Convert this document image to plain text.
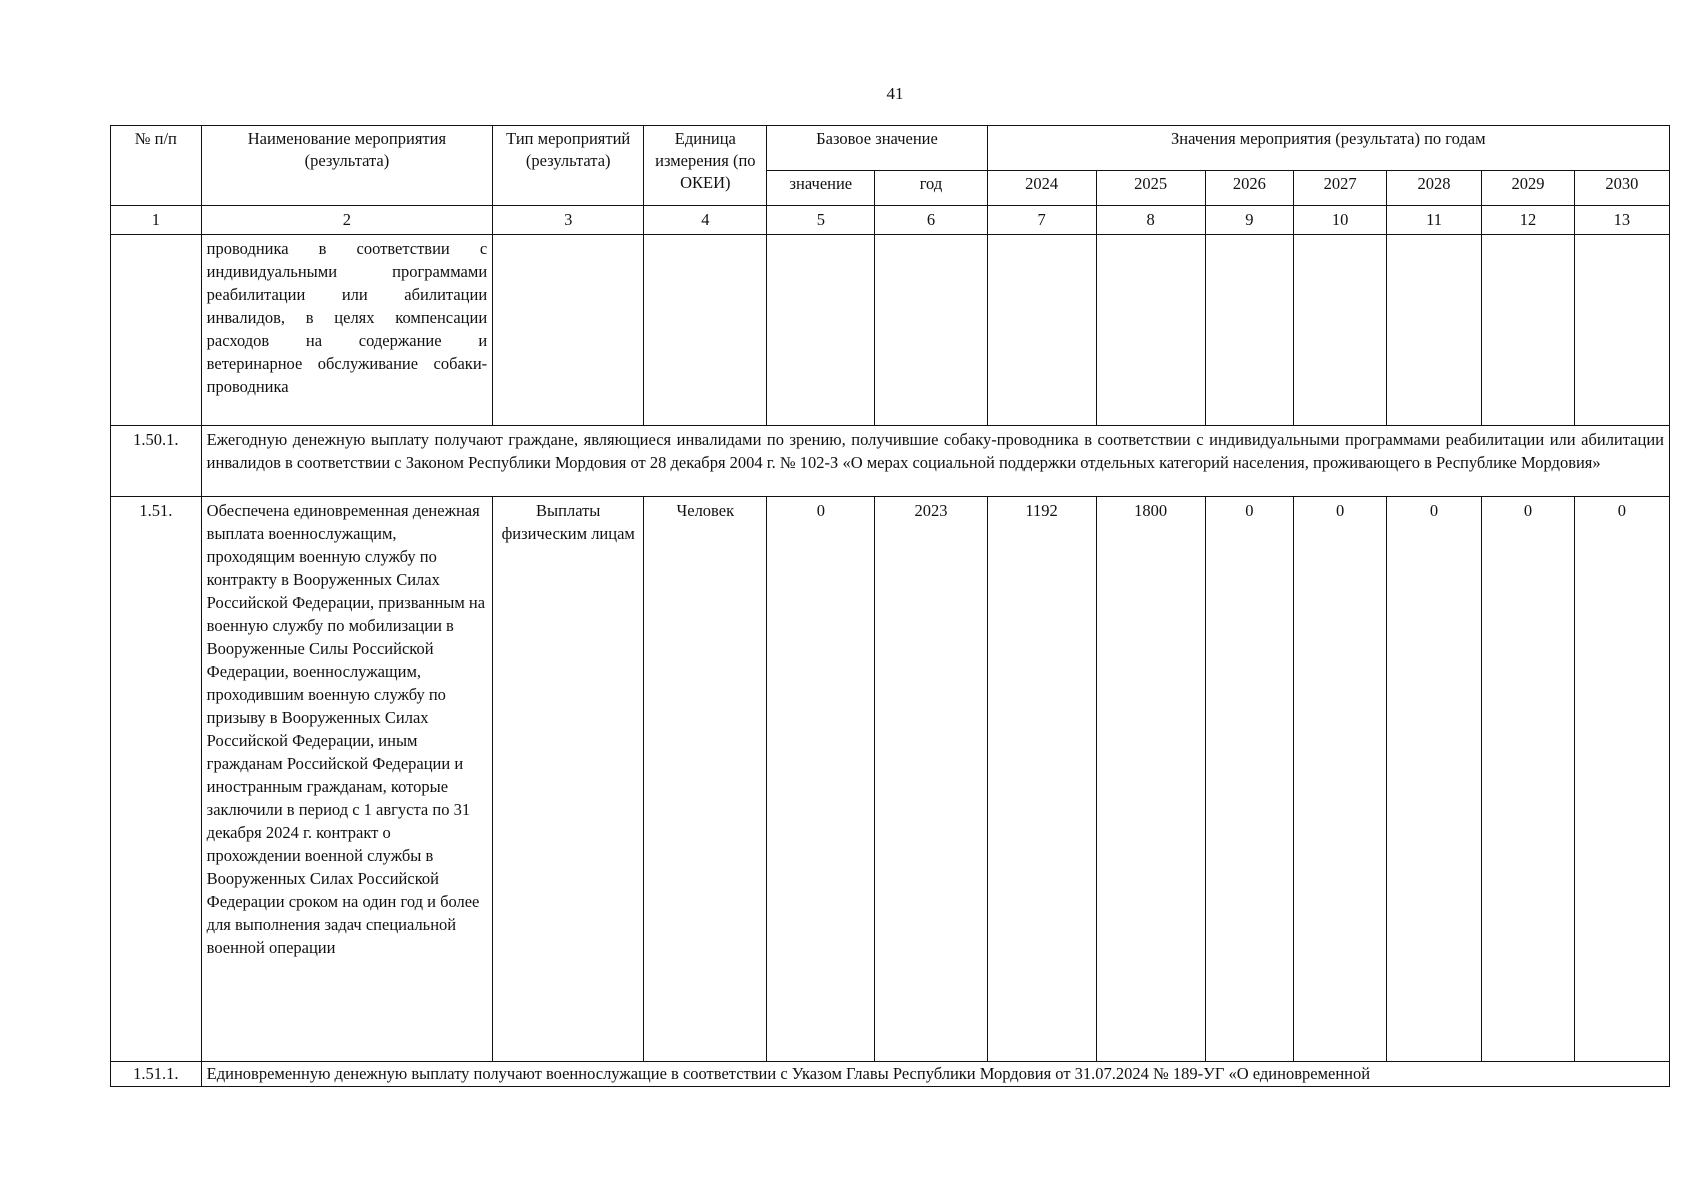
41
№ п/п	Наименование мероприятия (результата)	Тип мероприятий (результата)	Единица измерения (по ОКЕИ)	Базовое значение		Значения мероприятия (результата) по годам						
				значение	год	2024	2025	2026	2027	2028	2029	2030
1	2	3	4	5	6	7	8	9	10	11	12	13
	проводника в соответствии с индивидуальными программами реабилитации или абилитации инвалидов, в целях компенсации расходов на содержание и ветеринарное обслуживание собаки-проводника											
1.50.1.	Ежегодную денежную выплату получают граждане, являющиеся инвалидами по зрению, получившие собаку-проводника в соответствии с индивидуальными программами реабилитации или абилитации инвалидов в соответствии с Законом Республики Мордовия от 28 декабря 2004 г. № 102-З «О мерах социальной поддержки отдельных категорий населения, проживающего в Республике Мордовия»											
1.51.	Обеспечена единовременная денежная выплата военнослужащим, проходящим военную службу по контракту в Вооруженных Силах Российской Федерации, призванным на военную службу по мобилизации в Вооруженные Силы Российской Федерации, военнослужащим, проходившим военную службу по призыву в Вооруженных Силах Российской Федерации, иным гражданам Российской Федерации и иностранным гражданам, которые заключили в период с 1 августа по 31 декабря 2024 г. контракт о прохождении военной службы в Вооруженных Силах Российской Федерации сроком на один год и более для выполнения задач специальной военной операции	Выплаты физическим лицам	Человек	0	2023	1192	1800	0	0	0	0	0
1.51.1.	Единовременную денежную выплату получают военнослужащие в соответствии с Указом Главы Республики Мордовия от 31.07.2024 № 189-УГ «О единовременной											
